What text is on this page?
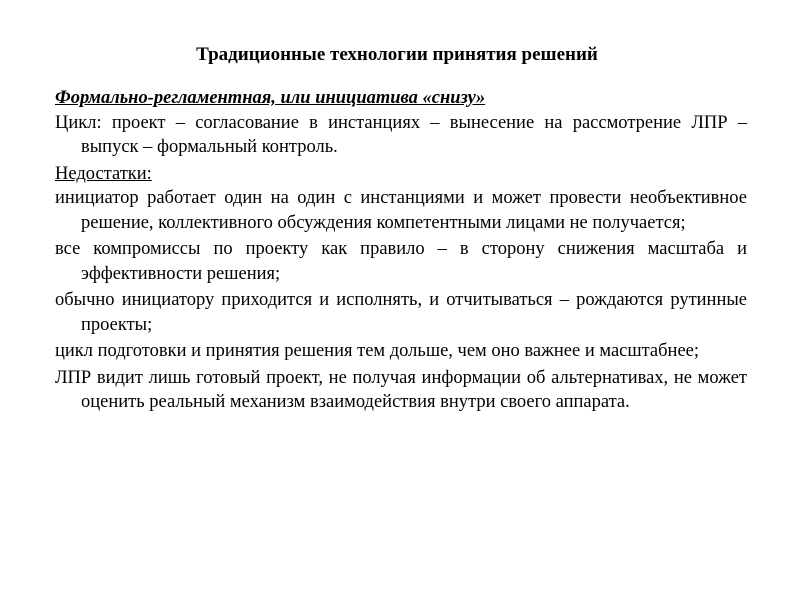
Традиционные технологии принятия решений
Формально-регламентная, или инициатива «снизу»
Цикл: проект – согласование в инстанциях – вынесение на рассмотрение ЛПР – выпуск – формальный контроль.
Недостатки:
инициатор работает один на один с инстанциями и может провести необъективное решение, коллективного обсуждения компетентными лицами не получается;
все компромиссы по проекту как правило – в сторону снижения масштаба и эффективности решения;
обычно инициатору приходится и исполнять, и отчитываться – рождаются рутинные проекты;
цикл подготовки и принятия решения тем дольше, чем оно важнее и масштабнее;
ЛПР видит лишь готовый проект, не получая информации об альтернативах, не может оценить реальный механизм взаимодействия внутри своего аппарата.
